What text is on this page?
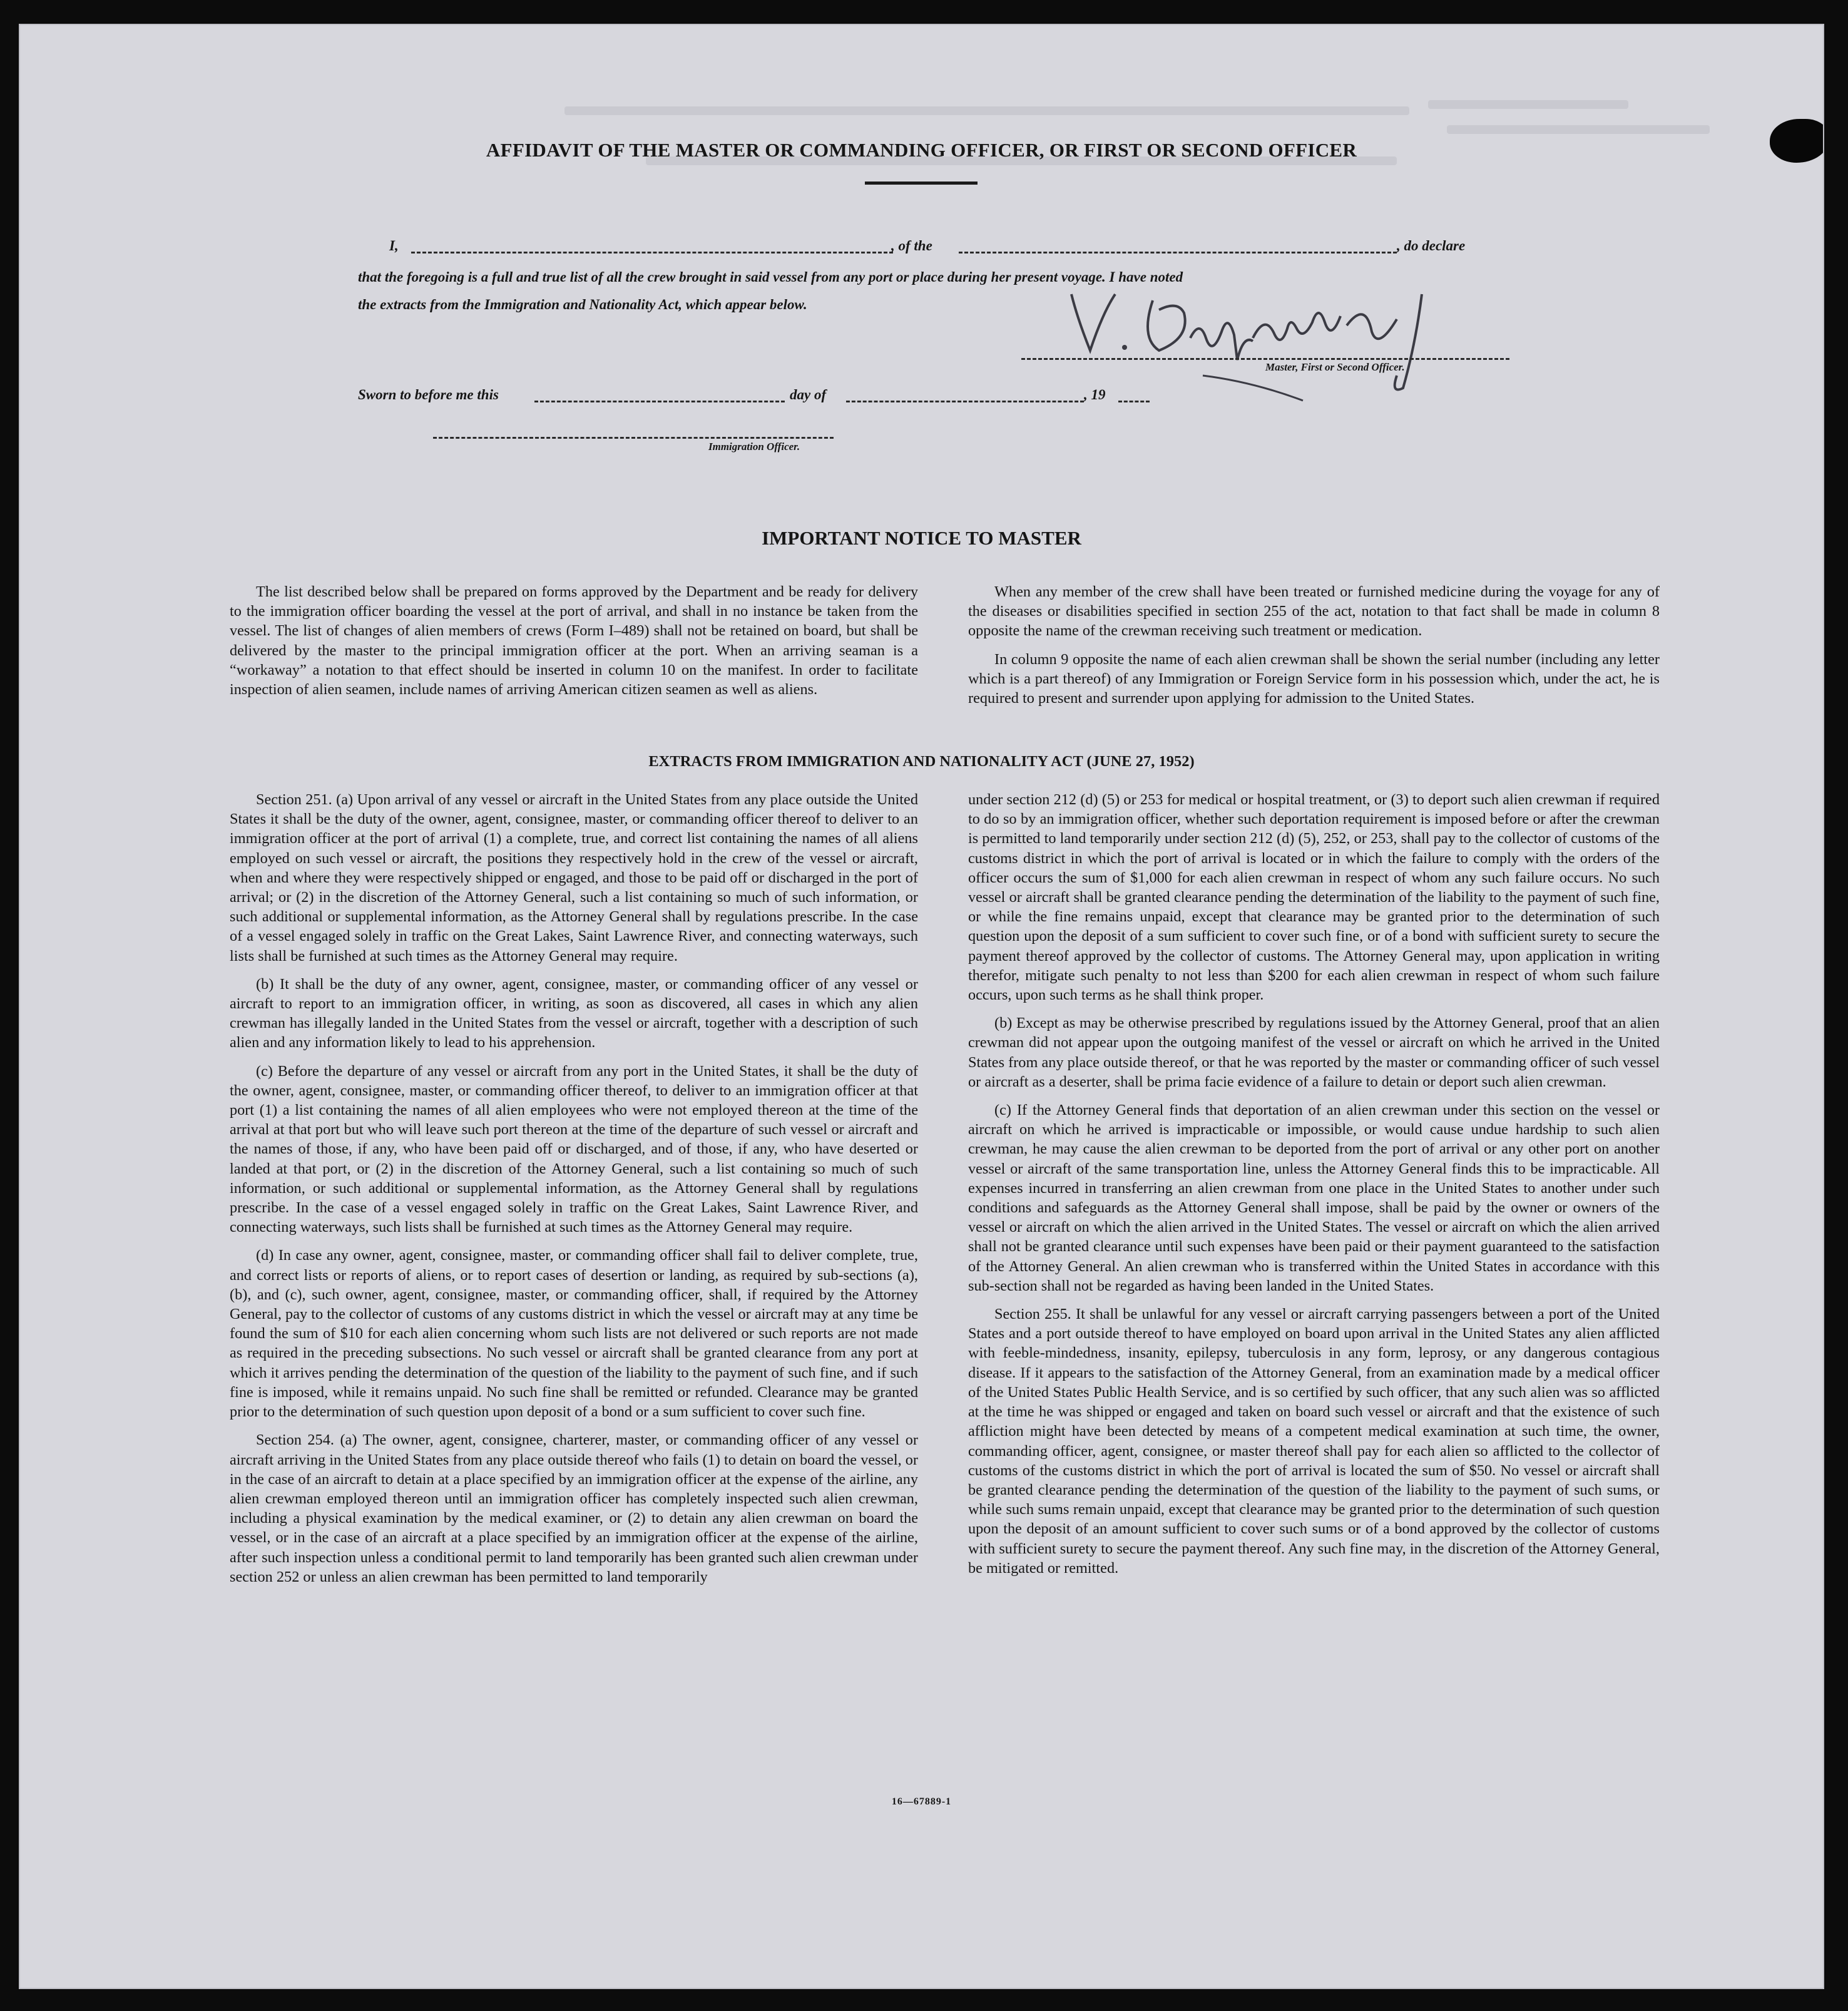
AFFIDAVIT OF THE MASTER OR COMMANDING OFFICER, OR FIRST OR SECOND OFFICER
I,	, of the	, do declare
that the foregoing is a full and true list of all the crew brought in said vessel from any port or place during her present voyage. I have noted
the extracts from the Immigration and Nationality Act, which appear below.
Master, First or Second Officer.
Sworn to before me this	day of	, 19
Immigration Officer.
IMPORTANT NOTICE TO MASTER

The list described below shall be prepared on forms approved by the Department and be ready for delivery to the immigration officer boarding the vessel at the port of arrival, and shall in no instance be taken from the vessel. The list of changes of alien members of crews (Form I–489) shall not be retained on board, but shall be delivered by the master to the principal immigration officer at the port. When an arriving seaman is a “workaway” a notation to that effect should be inserted in column 10 on the manifest. In order to facilitate inspection of alien seamen, include names of arriving American citizen seamen as well as aliens.

When any member of the crew shall have been treated or furnished medicine during the voyage for any of the diseases or disabilities specified in section 255 of the act, notation to that fact shall be made in column 8 opposite the name of the crewman receiving such treatment or medication.

In column 9 opposite the name of each alien crewman shall be shown the serial number (including any letter which is a part thereof) of any Immigration or Foreign Service form in his possession which, under the act, he is required to present and surrender upon applying for admission to the United States.

EXTRACTS FROM IMMIGRATION AND NATIONALITY ACT (JUNE 27, 1952)

Section 251. (a) Upon arrival of any vessel or aircraft in the United States from any place outside the United States it shall be the duty of the owner, agent, consignee, master, or commanding officer thereof to deliver to an immigration officer at the port of arrival (1) a complete, true, and correct list containing the names of all aliens employed on such vessel or aircraft, the positions they respectively hold in the crew of the vessel or aircraft, when and where they were respectively shipped or engaged, and those to be paid off or discharged in the port of arrival; or (2) in the discretion of the Attorney General, such a list containing so much of such information, or such additional or supplemental information, as the Attorney General shall by regulations prescribe. In the case of a vessel engaged solely in traffic on the Great Lakes, Saint Lawrence River, and connecting waterways, such lists shall be furnished at such times as the Attorney General may require.

(b) It shall be the duty of any owner, agent, consignee, master, or commanding officer of any vessel or aircraft to report to an immigration officer, in writing, as soon as discovered, all cases in which any alien crewman has illegally landed in the United States from the vessel or aircraft, together with a description of such alien and any information likely to lead to his apprehension.

(c) Before the departure of any vessel or aircraft from any port in the United States, it shall be the duty of the owner, agent, consignee, master, or commanding officer thereof, to deliver to an immigration officer at that port (1) a list containing the names of all alien employees who were not employed thereon at the time of the arrival at that port but who will leave such port thereon at the time of the departure of such vessel or aircraft and the names of those, if any, who have been paid off or discharged, and of those, if any, who have deserted or landed at that port, or (2) in the discretion of the Attorney General, such a list containing so much of such information, or such additional or supplemental information, as the Attorney General shall by regulations prescribe. In the case of a vessel engaged solely in traffic on the Great Lakes, Saint Lawrence River, and connecting waterways, such lists shall be furnished at such times as the Attorney General may require.

(d) In case any owner, agent, consignee, master, or commanding officer shall fail to deliver complete, true, and correct lists or reports of aliens, or to report cases of desertion or landing, as required by sub-sections (a), (b), and (c), such owner, agent, consignee, master, or commanding officer, shall, if required by the Attorney General, pay to the collector of customs of any customs district in which the vessel or aircraft may at any time be found the sum of $10 for each alien concerning whom such lists are not delivered or such reports are not made as required in the preceding subsections. No such vessel or aircraft shall be granted clearance from any port at which it arrives pending the determination of the question of the liability to the payment of such fine, and if such fine is imposed, while it remains unpaid. No such fine shall be remitted or refunded. Clearance may be granted prior to the determination of such question upon deposit of a bond or a sum sufficient to cover such fine.

Section 254. (a) The owner, agent, consignee, charterer, master, or commanding officer of any vessel or aircraft arriving in the United States from any place outside thereof who fails (1) to detain on board the vessel, or in the case of an aircraft to detain at a place specified by an immigration officer at the expense of the airline, any alien crewman employed thereon until an immigration officer has completely inspected such alien crewman, including a physical examination by the medical examiner, or (2) to detain any alien crewman on board the vessel, or in the case of an aircraft at a place specified by an immigration officer at the expense of the airline, after such inspection unless a conditional permit to land temporarily has been granted such alien crewman under section 252 or unless an alien crewman has been permitted to land temporarily

under section 212 (d) (5) or 253 for medical or hospital treatment, or (3) to deport such alien crewman if required to do so by an immigration officer, whether such deportation requirement is imposed before or after the crewman is permitted to land temporarily under section 212 (d) (5), 252, or 253, shall pay to the collector of customs of the customs district in which the port of arrival is located or in which the failure to comply with the orders of the officer occurs the sum of $1,000 for each alien crewman in respect of whom any such failure occurs. No such vessel or aircraft shall be granted clearance pending the determination of the liability to the payment of such fine, or while the fine remains unpaid, except that clearance may be granted prior to the determination of such question upon the deposit of a sum sufficient to cover such fine, or of a bond with sufficient surety to secure the payment thereof approved by the collector of customs. The Attorney General may, upon application in writing therefor, mitigate such penalty to not less than $200 for each alien crewman in respect of whom such failure occurs, upon such terms as he shall think proper.

(b) Except as may be otherwise prescribed by regulations issued by the Attorney General, proof that an alien crewman did not appear upon the outgoing manifest of the vessel or aircraft on which he arrived in the United States from any place outside thereof, or that he was reported by the master or commanding officer of such vessel or aircraft as a deserter, shall be prima facie evidence of a failure to detain or deport such alien crewman.

(c) If the Attorney General finds that deportation of an alien crewman under this section on the vessel or aircraft on which he arrived is impracticable or impossible, or would cause undue hardship to such alien crewman, he may cause the alien crewman to be deported from the port of arrival or any other port on another vessel or aircraft of the same transportation line, unless the Attorney General finds this to be impracticable. All expenses incurred in transferring an alien crewman from one place in the United States to another under such conditions and safeguards as the Attorney General shall impose, shall be paid by the owner or owners of the vessel or aircraft on which the alien arrived in the United States. The vessel or aircraft on which the alien arrived shall not be granted clearance until such expenses have been paid or their payment guaranteed to the satisfaction of the Attorney General. An alien crewman who is transferred within the United States in accordance with this sub-section shall not be regarded as having been landed in the United States.

Section 255. It shall be unlawful for any vessel or aircraft carrying passengers between a port of the United States and a port outside thereof to have employed on board upon arrival in the United States any alien afflicted with feeble-mindedness, insanity, epilepsy, tuberculosis in any form, leprosy, or any dangerous contagious disease. If it appears to the satisfaction of the Attorney General, from an examination made by a medical officer of the United States Public Health Service, and is so certified by such officer, that any such alien was so afflicted at the time he was shipped or engaged and taken on board such vessel or aircraft and that the existence of such affliction might have been detected by means of a competent medical examination at such time, the owner, commanding officer, agent, consignee, or master thereof shall pay for each alien so afflicted to the collector of customs of the customs district in which the port of arrival is located the sum of $50. No vessel or aircraft shall be granted clearance pending the determination of the question of the liability to the payment of such sums, or while such sums remain unpaid, except that clearance may be granted prior to the determination of such question upon the deposit of an amount sufficient to cover such sums or of a bond approved by the collector of customs with sufficient surety to secure the payment thereof. Any such fine may, in the discretion of the Attorney General, be mitigated or remitted.

16—67889-1
